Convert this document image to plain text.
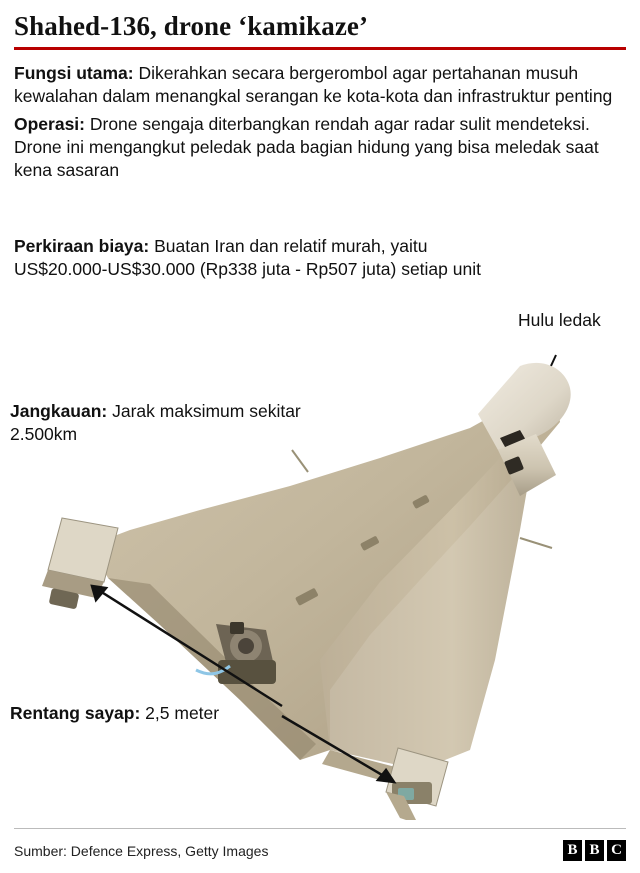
Shahed-136, drone ‘kamikaze’
Fungsi utama: Dikerahkan secara bergerombol agar pertahanan musuh kewalahan dalam menangkal serangan ke kota-kota dan infrastruktur penting
Operasi: Drone sengaja diterbangkan rendah agar radar sulit mendeteksi. Drone ini mengangkut peledak pada bagian hidung yang bisa meledak saat kena sasaran
Perkiraan biaya: Buatan Iran dan relatif murah, yaitu US$20.000-US$30.000 (Rp338 juta - Rp507 juta) setiap unit
Jangkauan: Jarak maksimum sekitar 2.500km
Rentang sayap: 2,5 meter
Hulu ledak
Sumber: Defence Express, Getty Images	B B C
